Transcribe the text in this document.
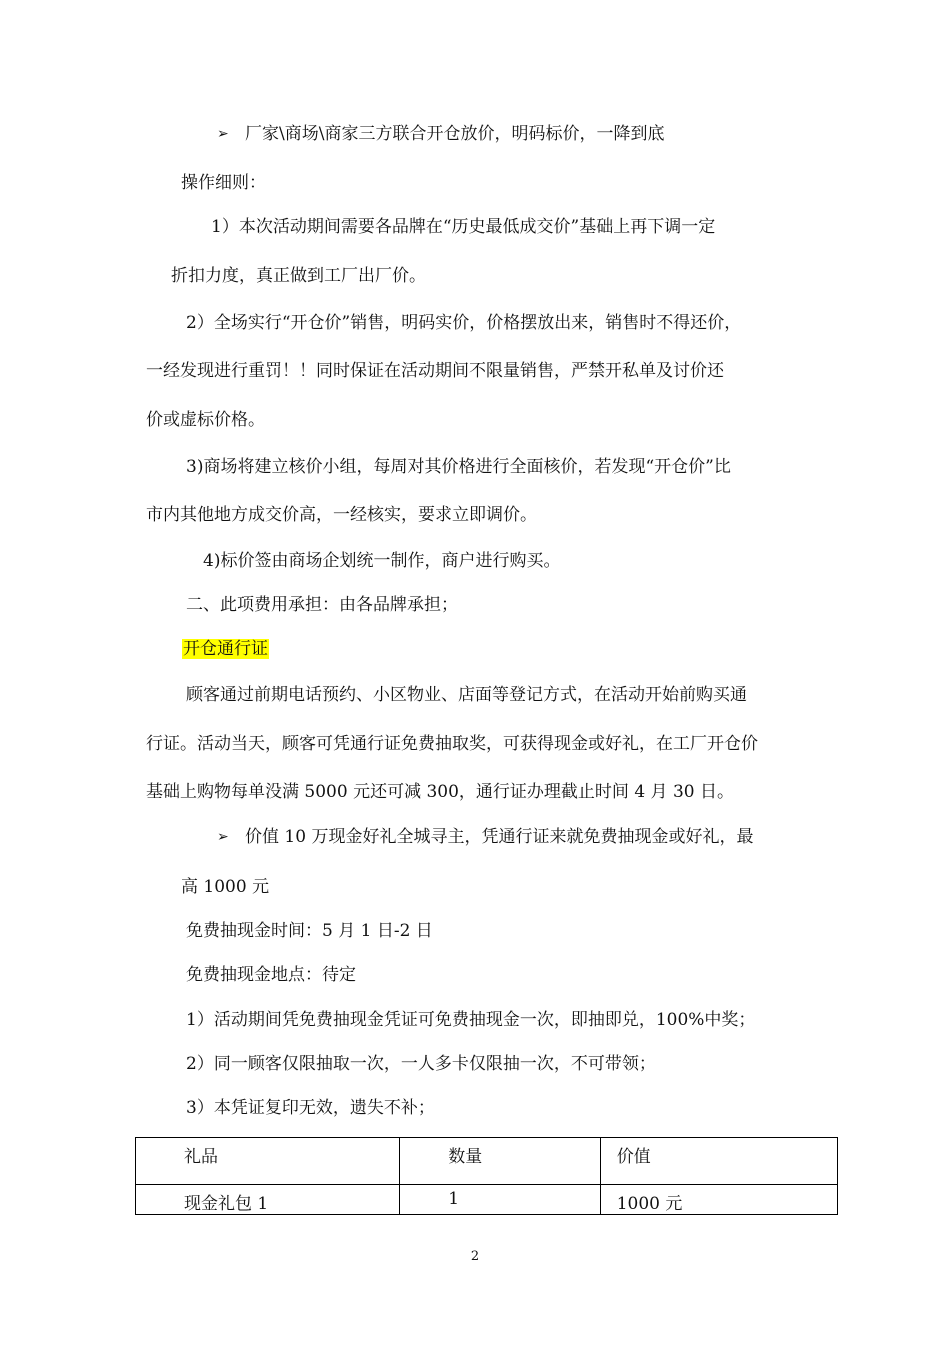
➢ 厂家\商场\商家三方联合开仓放价，明码标价，一降到底
操作细则：
1）本次活动期间需要各品牌在“历史最低成交价”基础上再下调一定
折扣力度，真正做到工厂出厂价。
2）全场实行“开仓价”销售，明码实价，价格摆放出来，销售时不得还价，
一经发现进行重罚！！同时保证在活动期间不限量销售，严禁开私单及讨价还
价或虚标价格。
3)商场将建立核价小组，每周对其价格进行全面核价，若发现“开仓价”比
市内其他地方成交价高，一经核实，要求立即调价。
4)标价签由商场企划统一制作，商户进行购买。
二、此项费用承担：由各品牌承担；
开仓通行证
顾客通过前期电话预约、小区物业、店面等登记方式，在活动开始前购买通
行证。活动当天，顾客可凭通行证免费抽取奖，可获得现金或好礼，在工厂开仓价
基础上购物每单没满 5000 元还可减 300，通行证办理截止时间 4 月 30 日。
➢ 价值 10 万现金好礼全城寻主，凭通行证来就免费抽现金或好礼，最
高 1000 元
免费抽现金时间：5 月 1 日-2 日
免费抽现金地点：待定
1）活动期间凭免费抽现金凭证可免费抽现金一次，即抽即兑，100%中奖；
2）同一顾客仅限抽取一次，一人多卡仅限抽一次，不可带领；
3）本凭证复印无效，遗失不补；
礼品	数量	价值

现金礼包 1	1	1000 元
2
